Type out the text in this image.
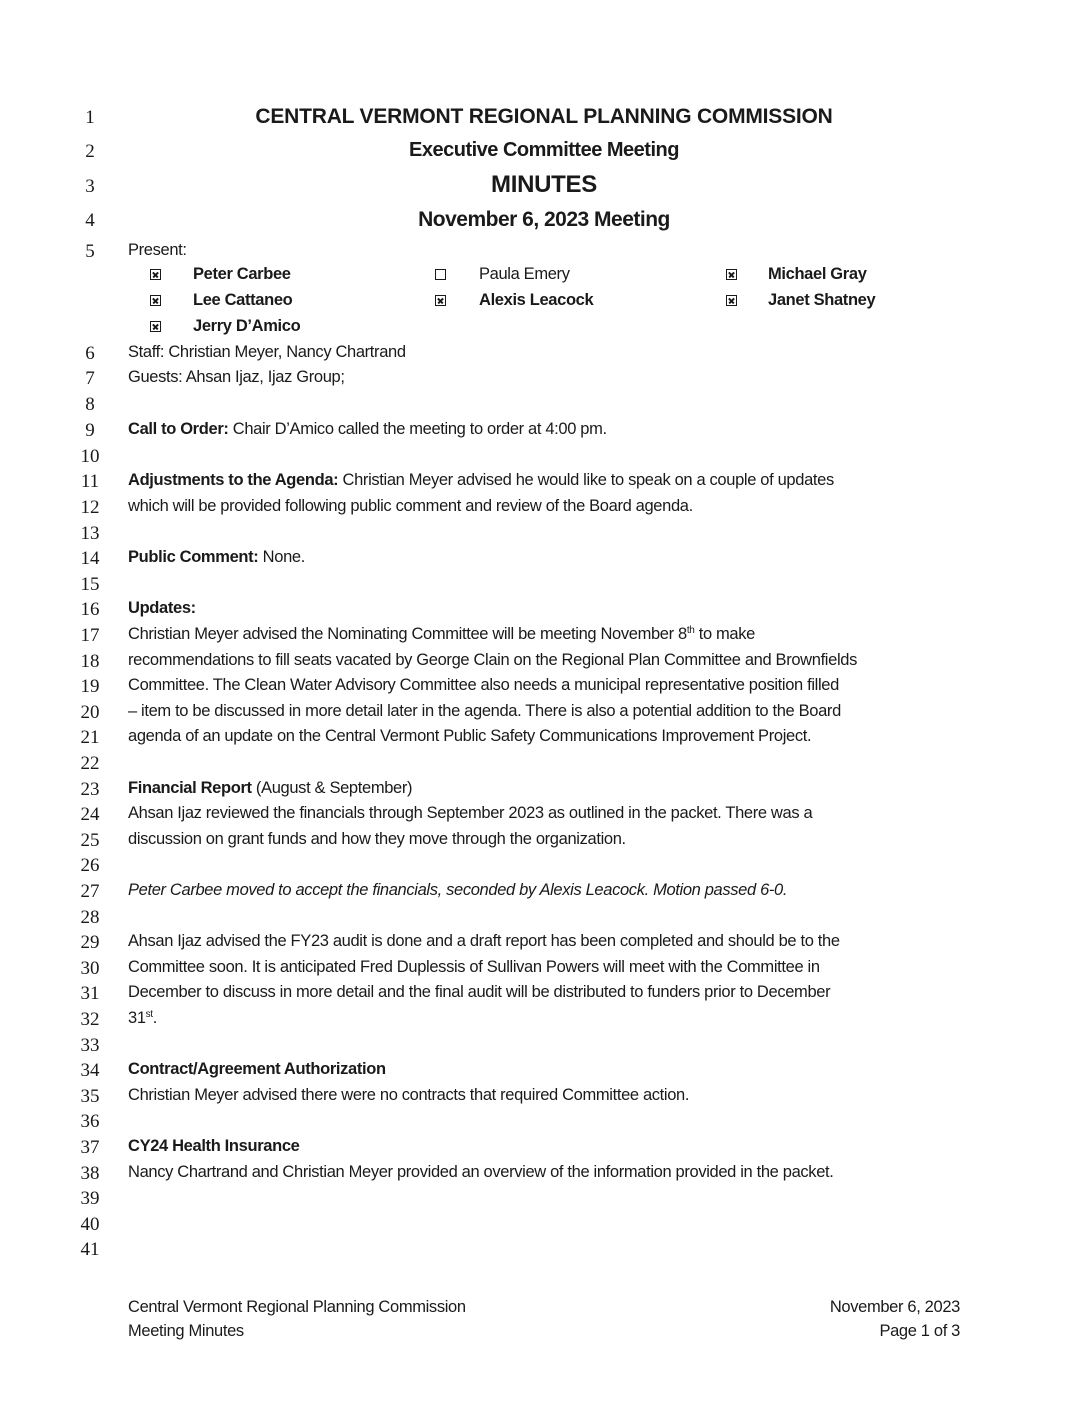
1
2
3
4
5
6
7
8
9
10
11
12
13
14
15
16
17
18
19
20
21
22
23
24
25
26
27
28
29
30
31
32
33
34
35
36
37
38
39
40
41
CENTRAL VERMONT REGIONAL PLANNING COMMISSION
Executive Committee Meeting
MINUTES
November 6, 2023 Meeting
Present:
Peter Carbee	Paula Emery	Michael Gray
Lee Cattaneo	Alexis Leacock	Janet Shatney
Jerry D’Amico
Staff: Christian Meyer, Nancy Chartrand
Guests: Ahsan Ijaz, Ijaz Group;
Call to Order: Chair D’Amico called the meeting to order at 4:00 pm.
Adjustments to the Agenda: Christian Meyer advised he would like to speak on a couple of updates
which will be provided following public comment and review of the Board agenda.
Public Comment: None.
Updates:
Christian Meyer advised the Nominating Committee will be meeting November 8th to make
recommendations to fill seats vacated by George Clain on the Regional Plan Committee and Brownfields
Committee. The Clean Water Advisory Committee also needs a municipal representative position filled
– item to be discussed in more detail later in the agenda. There is also a potential addition to the Board
agenda of an update on the Central Vermont Public Safety Communications Improvement Project.
Financial Report (August & September)
Ahsan Ijaz reviewed the financials through September 2023 as outlined in the packet. There was a
discussion on grant funds and how they move through the organization.
Peter Carbee moved to accept the financials, seconded by Alexis Leacock. Motion passed 6-0.
Ahsan Ijaz advised the FY23 audit is done and a draft report has been completed and should be to the
Committee soon. It is anticipated Fred Duplessis of Sullivan Powers will meet with the Committee in
December to discuss in more detail and the final audit will be distributed to funders prior to December
31st.
Contract/Agreement Authorization
Christian Meyer advised there were no contracts that required Committee action.
CY24 Health Insurance
Nancy Chartrand and Christian Meyer provided an overview of the information provided in the packet.
Central Vermont Regional Planning Commission
Meeting Minutes
November 6, 2023
Page 1 of 3
